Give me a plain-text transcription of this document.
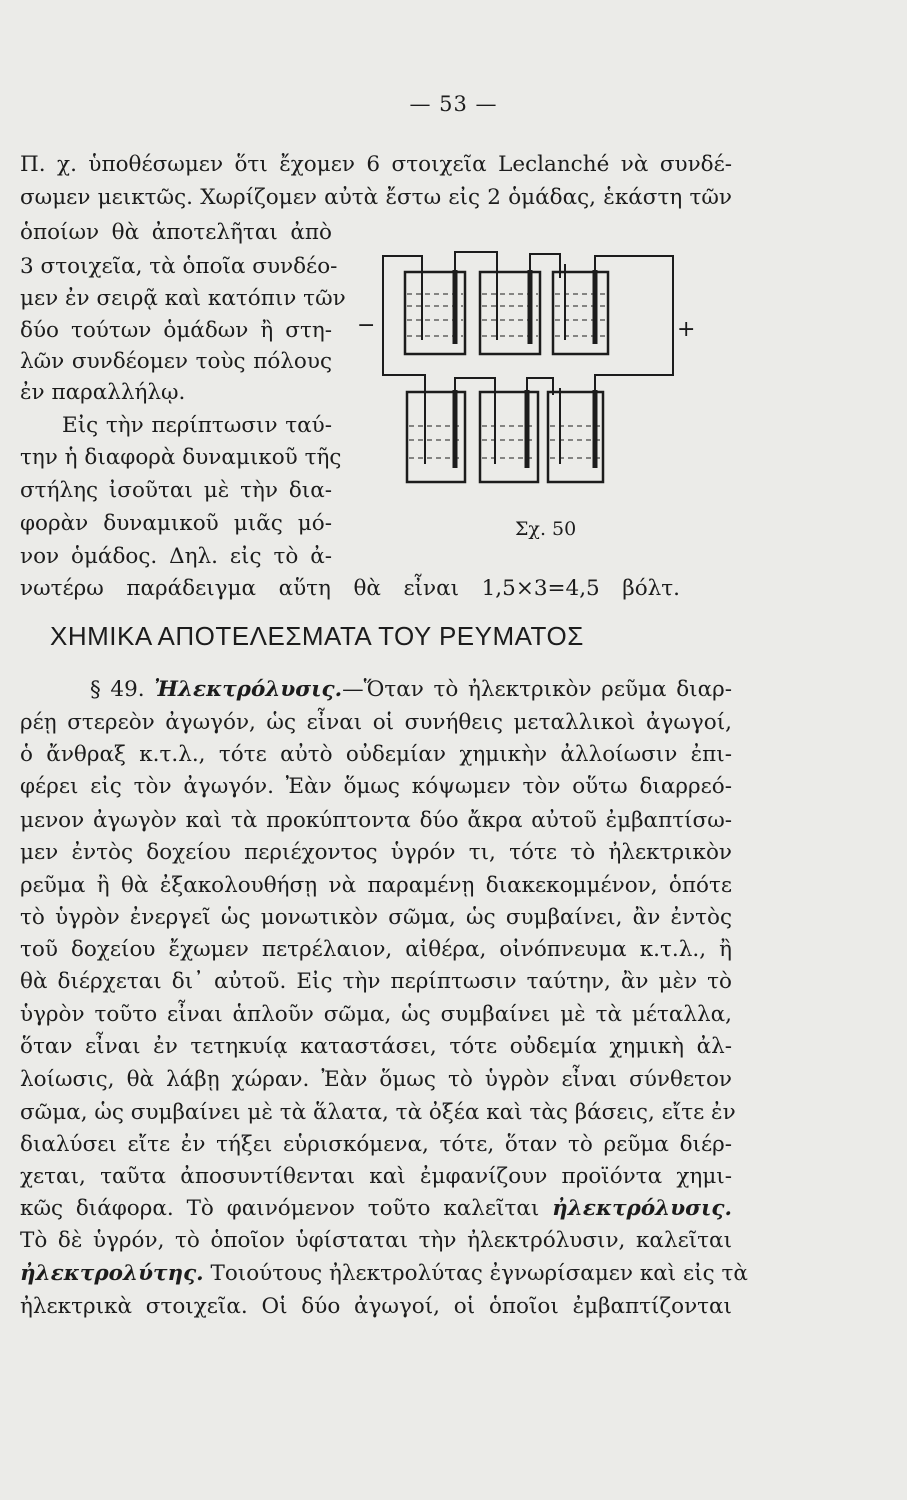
— 53 —
Π. χ. ὑποθέσωμεν ὅτι ἔχομεν 6 στοιχεῖα Leclanché νὰ συνδέ-
σωμεν μεικτῶς. Χωρίζομεν αὐτὰ ἔστω εἰς 2 ὁμάδας, ἑκάστη τῶν
ὁποίων θὰ ἀποτελῆται ἀπὸ
3 στοιχεῖα, τὰ ὁποῖα συνδέο-
μεν ἐν σειρᾷ καὶ κατόπιν τῶν
δύο τούτων ὁμάδων ἢ στη-
λῶν συνδέομεν τοὺς πόλους
ἐν παραλλήλῳ.
Εἰς τὴν περίπτωσιν ταύ-
την ἡ διαφορὰ δυναμικοῦ τῆς
στήλης ἰσοῦται μὲ τὴν δια-
φορὰν δυναμικοῦ μιᾶς μό-
νον ὁμάδος. Δηλ. εἰς τὸ ἀ-
νωτέρω παράδειγμα αὕτη θὰ εἶναι 1,5×3=4,5 βόλτ.
−	+
Σχ. 50
ΧΗΜΙΚΑ ΑΠΟΤΕΛΕΣΜΑΤΑ ΤΟΥ ΡΕΥΜΑΤΟΣ
§ 49. Ἠλεκτρόλυσις.—Ὅταν τὸ ἠλεκτρικὸν ρεῦμα διαρ-
ρέῃ στερεὸν ἀγωγόν, ὡς εἶναι οἱ συνήθεις μεταλλικοὶ ἀγωγοί,
ὁ ἄνθραξ κ.τ.λ., τότε αὐτὸ οὐδεμίαν χημικὴν ἀλλοίωσιν ἐπι-
φέρει εἰς τὸν ἀγωγόν. Ἐὰν ὅμως κόψωμεν τὸν οὕτω διαρρεό-
μενον ἀγωγὸν καὶ τὰ προκύπτοντα δύο ἄκρα αὐτοῦ ἐμβαπτίσω-
μεν ἐντὸς δοχείου περιέχοντος ὑγρόν τι, τότε τὸ ἠλεκτρικὸν
ρεῦμα ἢ θὰ ἐξακολουθήσῃ νὰ παραμένῃ διακεκομμένον, ὁπότε
τὸ ὑγρὸν ἐνεργεῖ ὡς μονωτικὸν σῶμα, ὡς συμβαίνει, ἂν ἐντὸς
τοῦ δοχείου ἔχωμεν πετρέλαιον, αἰθέρα, οἰνόπνευμα κ.τ.λ., ἢ
θὰ διέρχεται δι᾽ αὐτοῦ. Εἰς τὴν περίπτωσιν ταύτην, ἂν μὲν τὸ
ὑγρὸν τοῦτο εἶναι ἁπλοῦν σῶμα, ὡς συμβαίνει μὲ τὰ μέταλλα,
ὅταν εἶναι ἐν τετηκυίᾳ καταστάσει, τότε οὐδεμία χημικὴ ἀλ-
λοίωσις, θὰ λάβῃ χώραν. Ἐὰν ὅμως τὸ ὑγρὸν εἶναι σύνθετον
σῶμα, ὡς συμβαίνει μὲ τὰ ἅλατα, τὰ ὀξέα καὶ τὰς βάσεις, εἴτε ἐν
διαλύσει εἴτε ἐν τήξει εὑρισκόμενα, τότε, ὅταν τὸ ρεῦμα διέρ-
χεται, ταῦτα ἀποσυντίθενται καὶ ἐμφανίζουν προϊόντα χημι-
κῶς διάφορα. Τὸ φαινόμενον τοῦτο καλεῖται ἠλεκτρόλυσις.
Τὸ δὲ ὑγρόν, τὸ ὁποῖον ὑφίσταται τὴν ἠλεκτρόλυσιν, καλεῖται
ἠλεκτρολύτης. Τοιούτους ἠλεκτρολύτας ἐγνωρίσαμεν καὶ εἰς τὰ
ἠλεκτρικὰ στοιχεῖα. Οἱ δύο ἀγωγοί, οἱ ὁποῖοι ἐμβαπτίζονται
